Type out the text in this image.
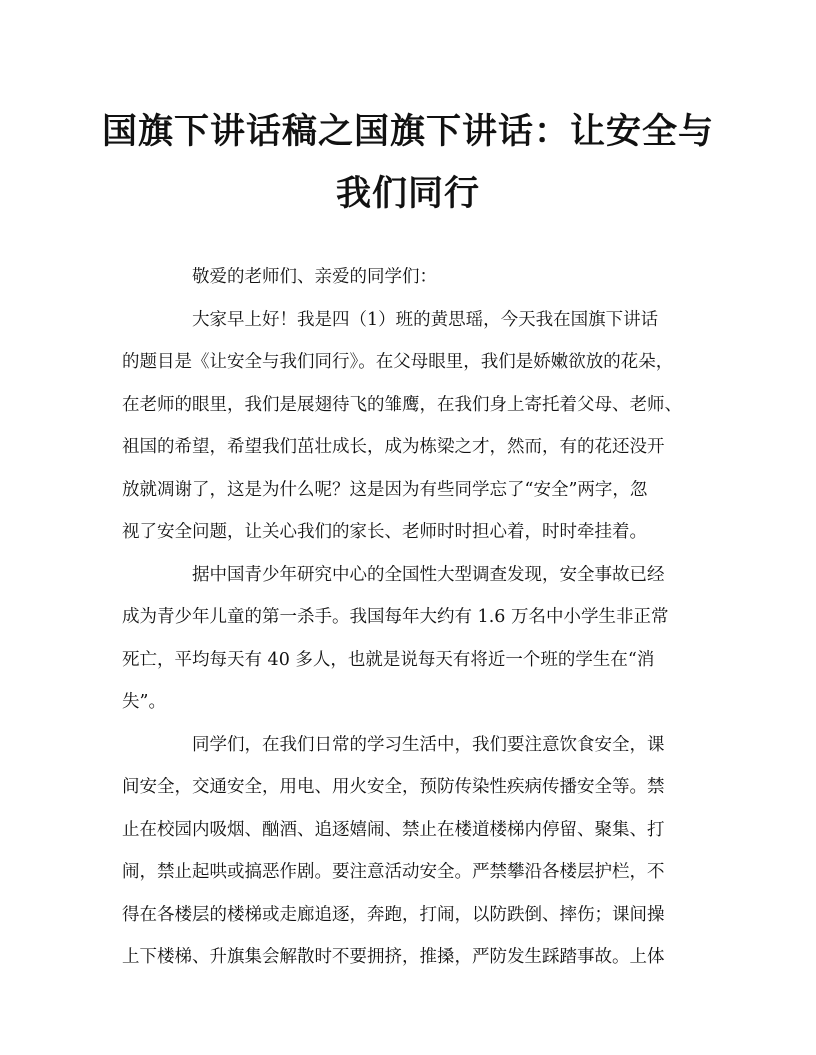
国旗下讲话稿之国旗下讲话：让安全与
我们同行
敬爱的老师们、亲爱的同学们：
大家早上好！我是四（1）班的黄思瑶，今天我在国旗下讲话
的题目是《让安全与我们同行》。在父母眼里，我们是娇嫩欲放的花朵，
在老师的眼里，我们是展翅待飞的雏鹰，在我们身上寄托着父母、老师、
祖国的希望，希望我们茁壮成长，成为栋梁之才，然而，有的花还没开
放就凋谢了，这是为什么呢？这是因为有些同学忘了“安全”两字，忽
视了安全问题，让关心我们的家长、老师时时担心着，时时牵挂着。
据中国青少年研究中心的全国性大型调查发现，安全事故已经
成为青少年儿童的第一杀手。我国每年大约有 1.6 万名中小学生非正常
死亡，平均每天有 40 多人，也就是说每天有将近一个班的学生在“消
失”。
同学们，在我们日常的学习生活中，我们要注意饮食安全，课
间安全，交通安全，用电、用火安全，预防传染性疾病传播安全等。禁
止在校园内吸烟、酗酒、追逐嬉闹、禁止在楼道楼梯内停留、聚集、打
闹，禁止起哄或搞恶作剧。要注意活动安全。严禁攀沿各楼层护栏，不
得在各楼层的楼梯或走廊追逐，奔跑，打闹，以防跌倒、摔伤；课间操
上下楼梯、升旗集会解散时不要拥挤，推搡，严防发生踩踏事故。上体
